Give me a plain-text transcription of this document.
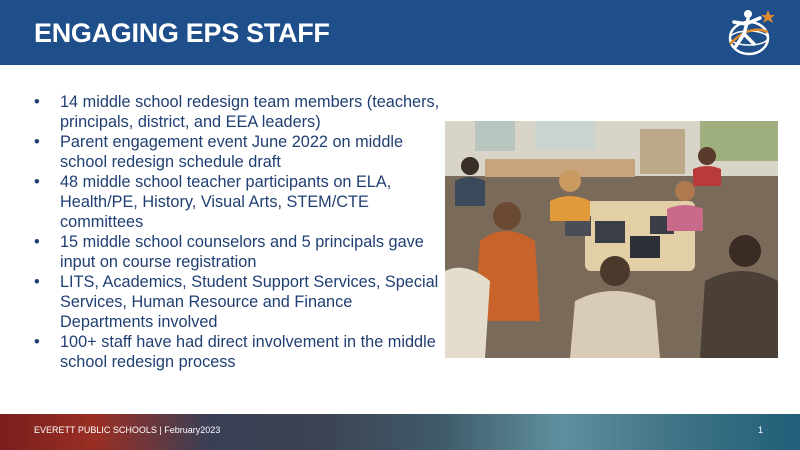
ENGAGING EPS STAFF
• 14 middle school redesign team members (teachers, principals, district, and EEA leaders)
• Parent engagement event June 2022 on middle school redesign schedule draft
• 48 middle school teacher participants on ELA, Health/PE, History, Visual Arts, STEM/CTE committees
• 15 middle school counselors and 5 principals gave input on course registration
• LITS, Academics, Student Support Services, Special Services, Human Resource and Finance Departments involved
• 100+ staff have had direct involvement in the middle school redesign process
EVERETT PUBLIC SCHOOLS | February2023	1
